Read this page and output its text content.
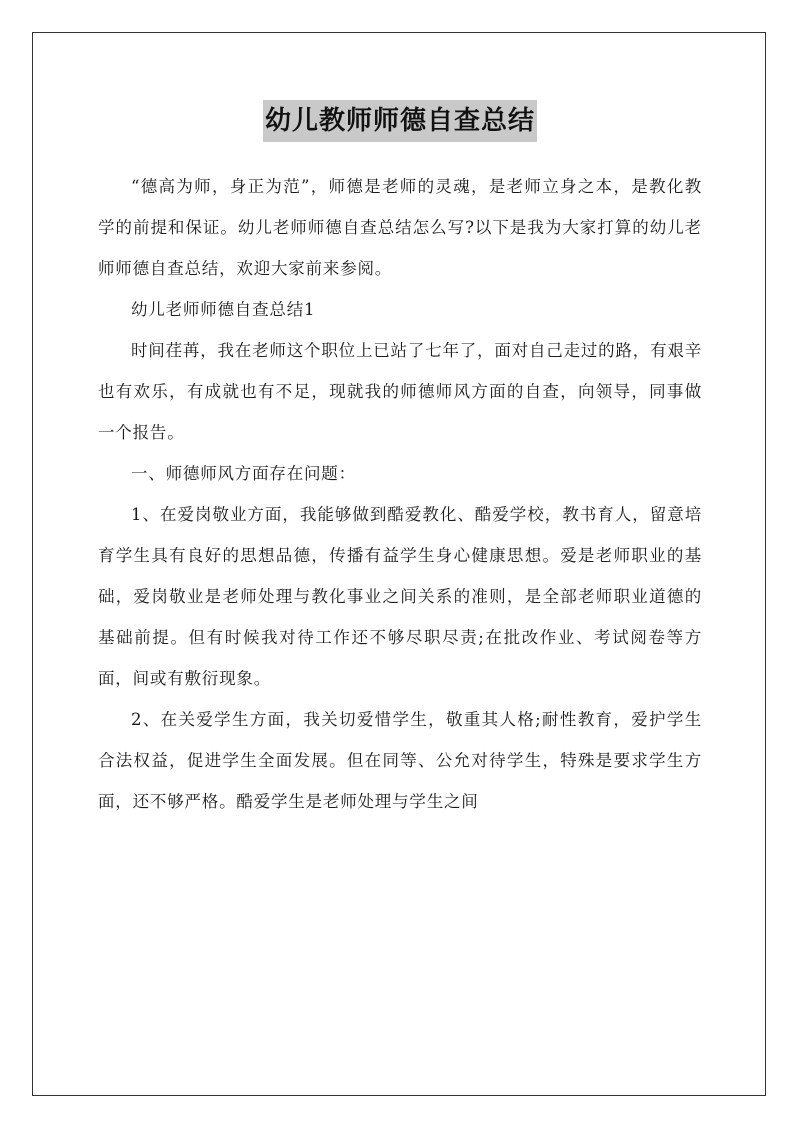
幼儿教师师德自查总结

“德高为师，身正为范”，师德是老师的灵魂，是老师立身之本，是教化教学的前提和保证。幼儿老师师德自查总结怎么写?以下是我为大家打算的幼儿老师师德自查总结，欢迎大家前来参阅。

幼儿老师师德自查总结1

时间荏苒，我在老师这个职位上已站了七年了，面对自己走过的路，有艰辛也有欢乐，有成就也有不足，现就我的师德师风方面的自查，向领导，同事做一个报告。

一、师德师风方面存在问题：

1、在爱岗敬业方面，我能够做到酷爱教化、酷爱学校，教书育人，留意培育学生具有良好的思想品德，传播有益学生身心健康思想。爱是老师职业的基础，爱岗敬业是老师处理与教化事业之间关系的准则，是全部老师职业道德的基础前提。但有时候我对待工作还不够尽职尽责;在批改作业、考试阅卷等方面，间或有敷衍现象。

2、在关爱学生方面，我关切爱惜学生，敬重其人格;耐性教育，爱护学生合法权益，促进学生全面发展。但在同等、公允对待学生，特殊是要求学生方面，还不够严格。酷爱学生是老师处理与学生之间
